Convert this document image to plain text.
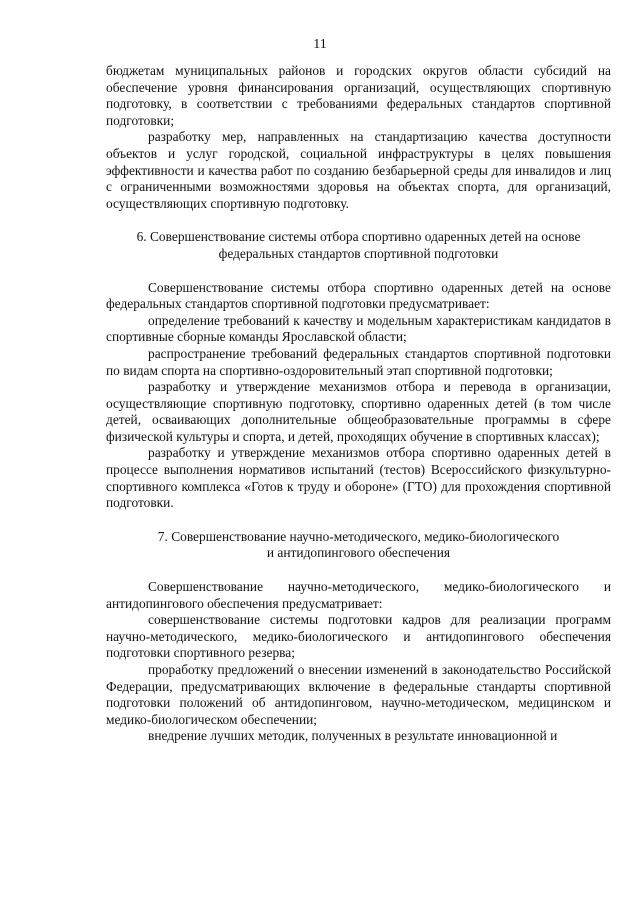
11

бюджетам муниципальных районов и городских округов области субсидий на обеспечение уровня финансирования организаций, осуществляющих спортивную подготовку, в соответствии с требованиями федеральных стандартов спортивной подготовки;

разработку мер, направленных на стандартизацию качества доступности объектов и услуг городской, социальной инфраструктуры в целях повышения эффективности и качества работ по созданию безбарьерной среды для инвалидов и лиц с ограниченными возможностями здоровья на объектах спорта, для организаций, осуществляющих спортивную подготовку.

6. Совершенствование системы отбора спортивно одаренных детей на основе
федеральных стандартов спортивной подготовки

Совершенствование системы отбора спортивно одаренных детей на основе федеральных стандартов спортивной подготовки предусматривает:

определение требований к качеству и модельным характеристикам кандидатов в спортивные сборные команды Ярославской области;

распространение требований федеральных стандартов спортивной подготовки по видам спорта на спортивно-оздоровительный этап спортивной подготовки;

разработку и утверждение механизмов отбора и перевода в организации, осуществляющие спортивную подготовку, спортивно одаренных детей (в том числе детей, осваивающих дополнительные общеобразовательные программы в сфере физической культуры и спорта, и детей, проходящих обучение в спортивных классах);

разработку и утверждение механизмов отбора спортивно одаренных детей в процессе выполнения нормативов испытаний (тестов) Всероссийского физкультурно-спортивного комплекса «Готов к труду и обороне» (ГТО) для прохождения спортивной подготовки.

7. Совершенствование научно-методического, медико-биологического
и антидопингового обеспечения

Совершенствование научно-методического, медико-биологического и антидопингового обеспечения предусматривает:

совершенствование системы подготовки кадров для реализации программ научно-методического, медико-биологического и антидопингового обеспечения подготовки спортивного резерва;

проработку предложений о внесении изменений в законодательство Российской Федерации, предусматривающих включение в федеральные стандарты спортивной подготовки положений об антидопинговом, научно-методическом, медицинском и медико-биологическом обеспечении;

внедрение лучших методик, полученных в результате инновационной и
